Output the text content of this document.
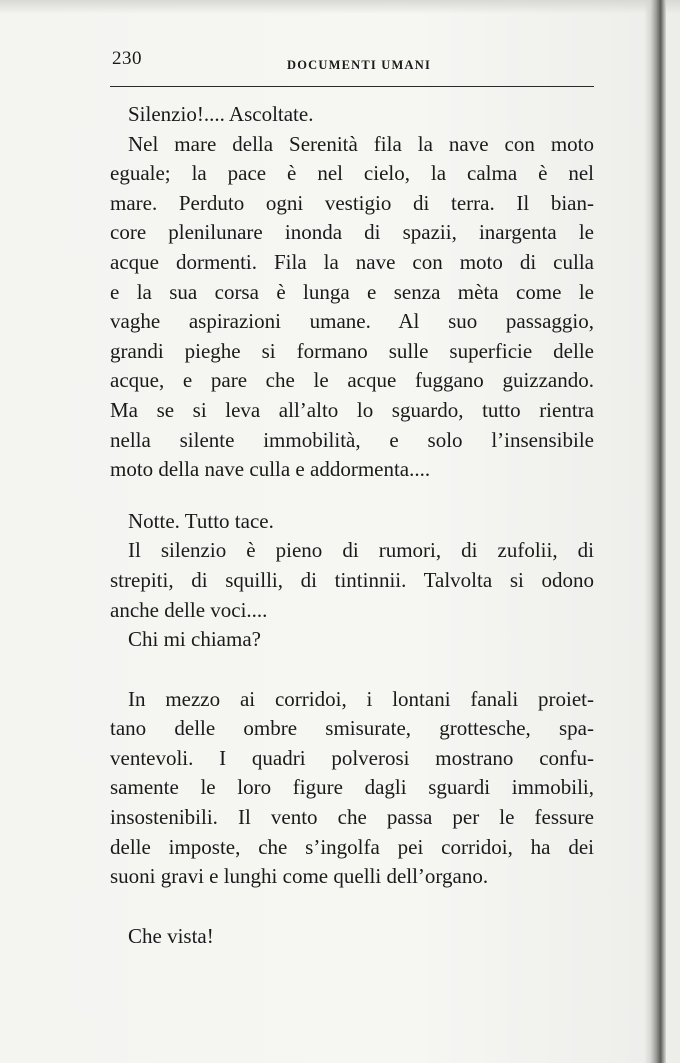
230	DOCUMENTI UMANI
Silenzio!.... Ascoltate.
Nel mare della Serenità fila la nave con moto
eguale; la pace è nel cielo, la calma è nel
mare. Perduto ogni vestigio di terra. Il bian-
core plenilunare inonda di spazii, inargenta le
acque dormenti. Fila la nave con moto di culla
e la sua corsa è lunga e senza mèta come le
vaghe aspirazioni umane. Al suo passaggio,
grandi pieghe si formano sulle superficie delle
acque, e pare che le acque fuggano guizzando.
Ma se si leva all’alto lo sguardo, tutto rientra
nella silente immobilità, e solo l’insensibile
moto della nave culla e addormenta....
Notte. Tutto tace.
Il silenzio è pieno di rumori, di zufolii, di
strepiti, di squilli, di tintinnii. Talvolta si odono
anche delle voci....
Chi mi chiama?
In mezzo ai corridoi, i lontani fanali proiet-
tano delle ombre smisurate, grottesche, spa-
ventevoli. I quadri polverosi mostrano confu-
samente le loro figure dagli sguardi immobili,
insostenibili. Il vento che passa per le fessure
delle imposte, che s’ingolfa pei corridoi, ha dei
suoni gravi e lunghi come quelli dell’organo.
Che vista!
